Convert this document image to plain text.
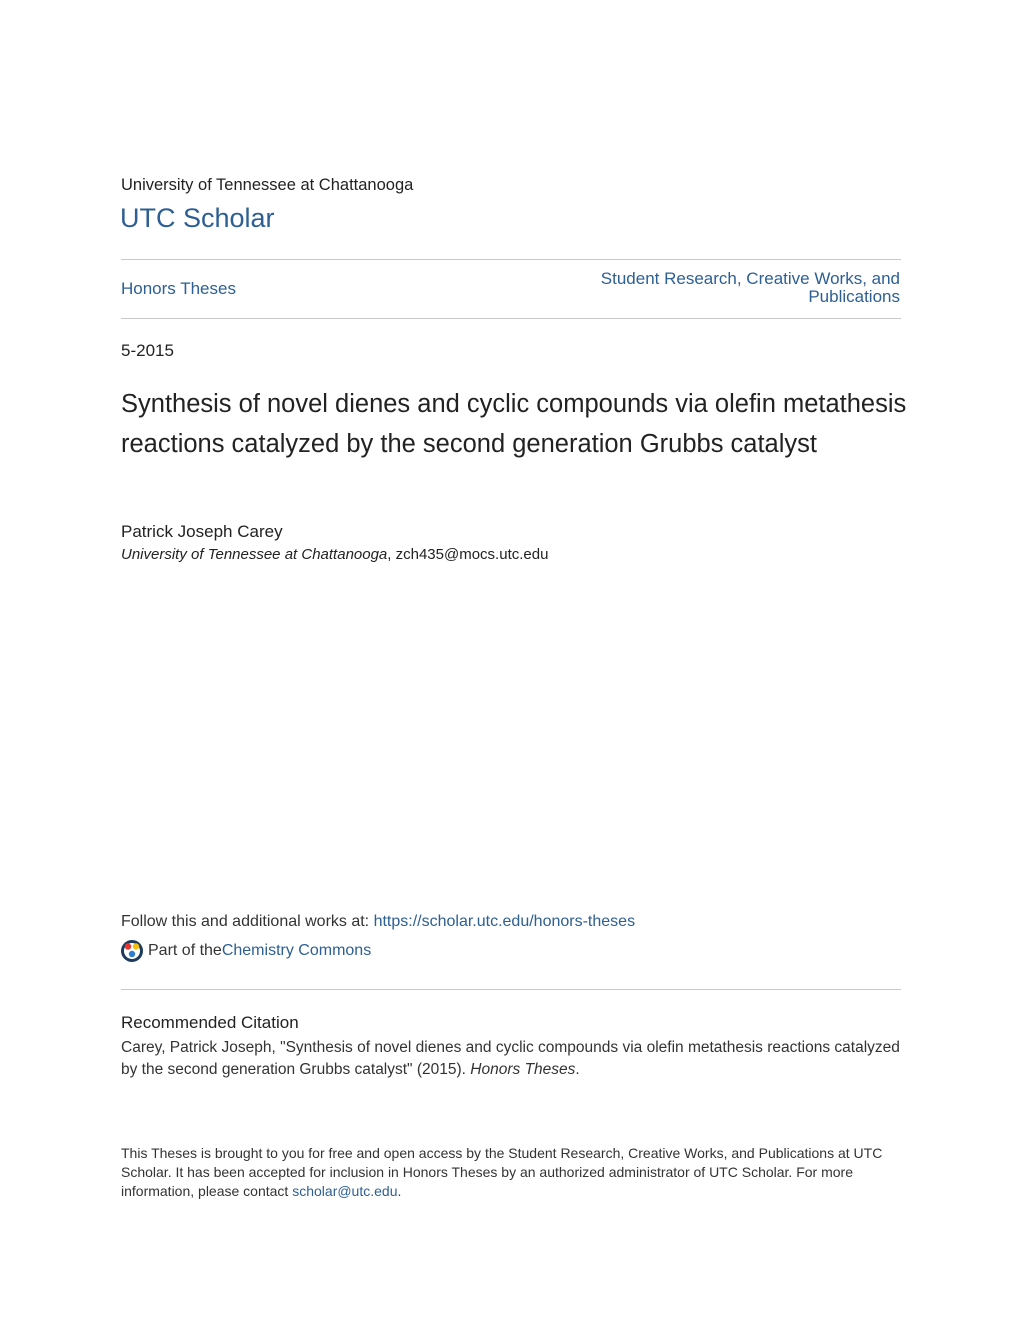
University of Tennessee at Chattanooga
UTC Scholar
Honors Theses
Student Research, Creative Works, and
Publications
5-2015
Synthesis of novel dienes and cyclic compounds via olefin metathesis reactions catalyzed by the second generation Grubbs catalyst
Patrick Joseph Carey
University of Tennessee at Chattanooga, zch435@mocs.utc.edu
Follow this and additional works at: https://scholar.utc.edu/honors-theses
Part of the Chemistry Commons
Recommended Citation
Carey, Patrick Joseph, "Synthesis of novel dienes and cyclic compounds via olefin metathesis reactions catalyzed by the second generation Grubbs catalyst" (2015). Honors Theses.
This Theses is brought to you for free and open access by the Student Research, Creative Works, and Publications at UTC Scholar. It has been accepted for inclusion in Honors Theses by an authorized administrator of UTC Scholar. For more information, please contact scholar@utc.edu.
